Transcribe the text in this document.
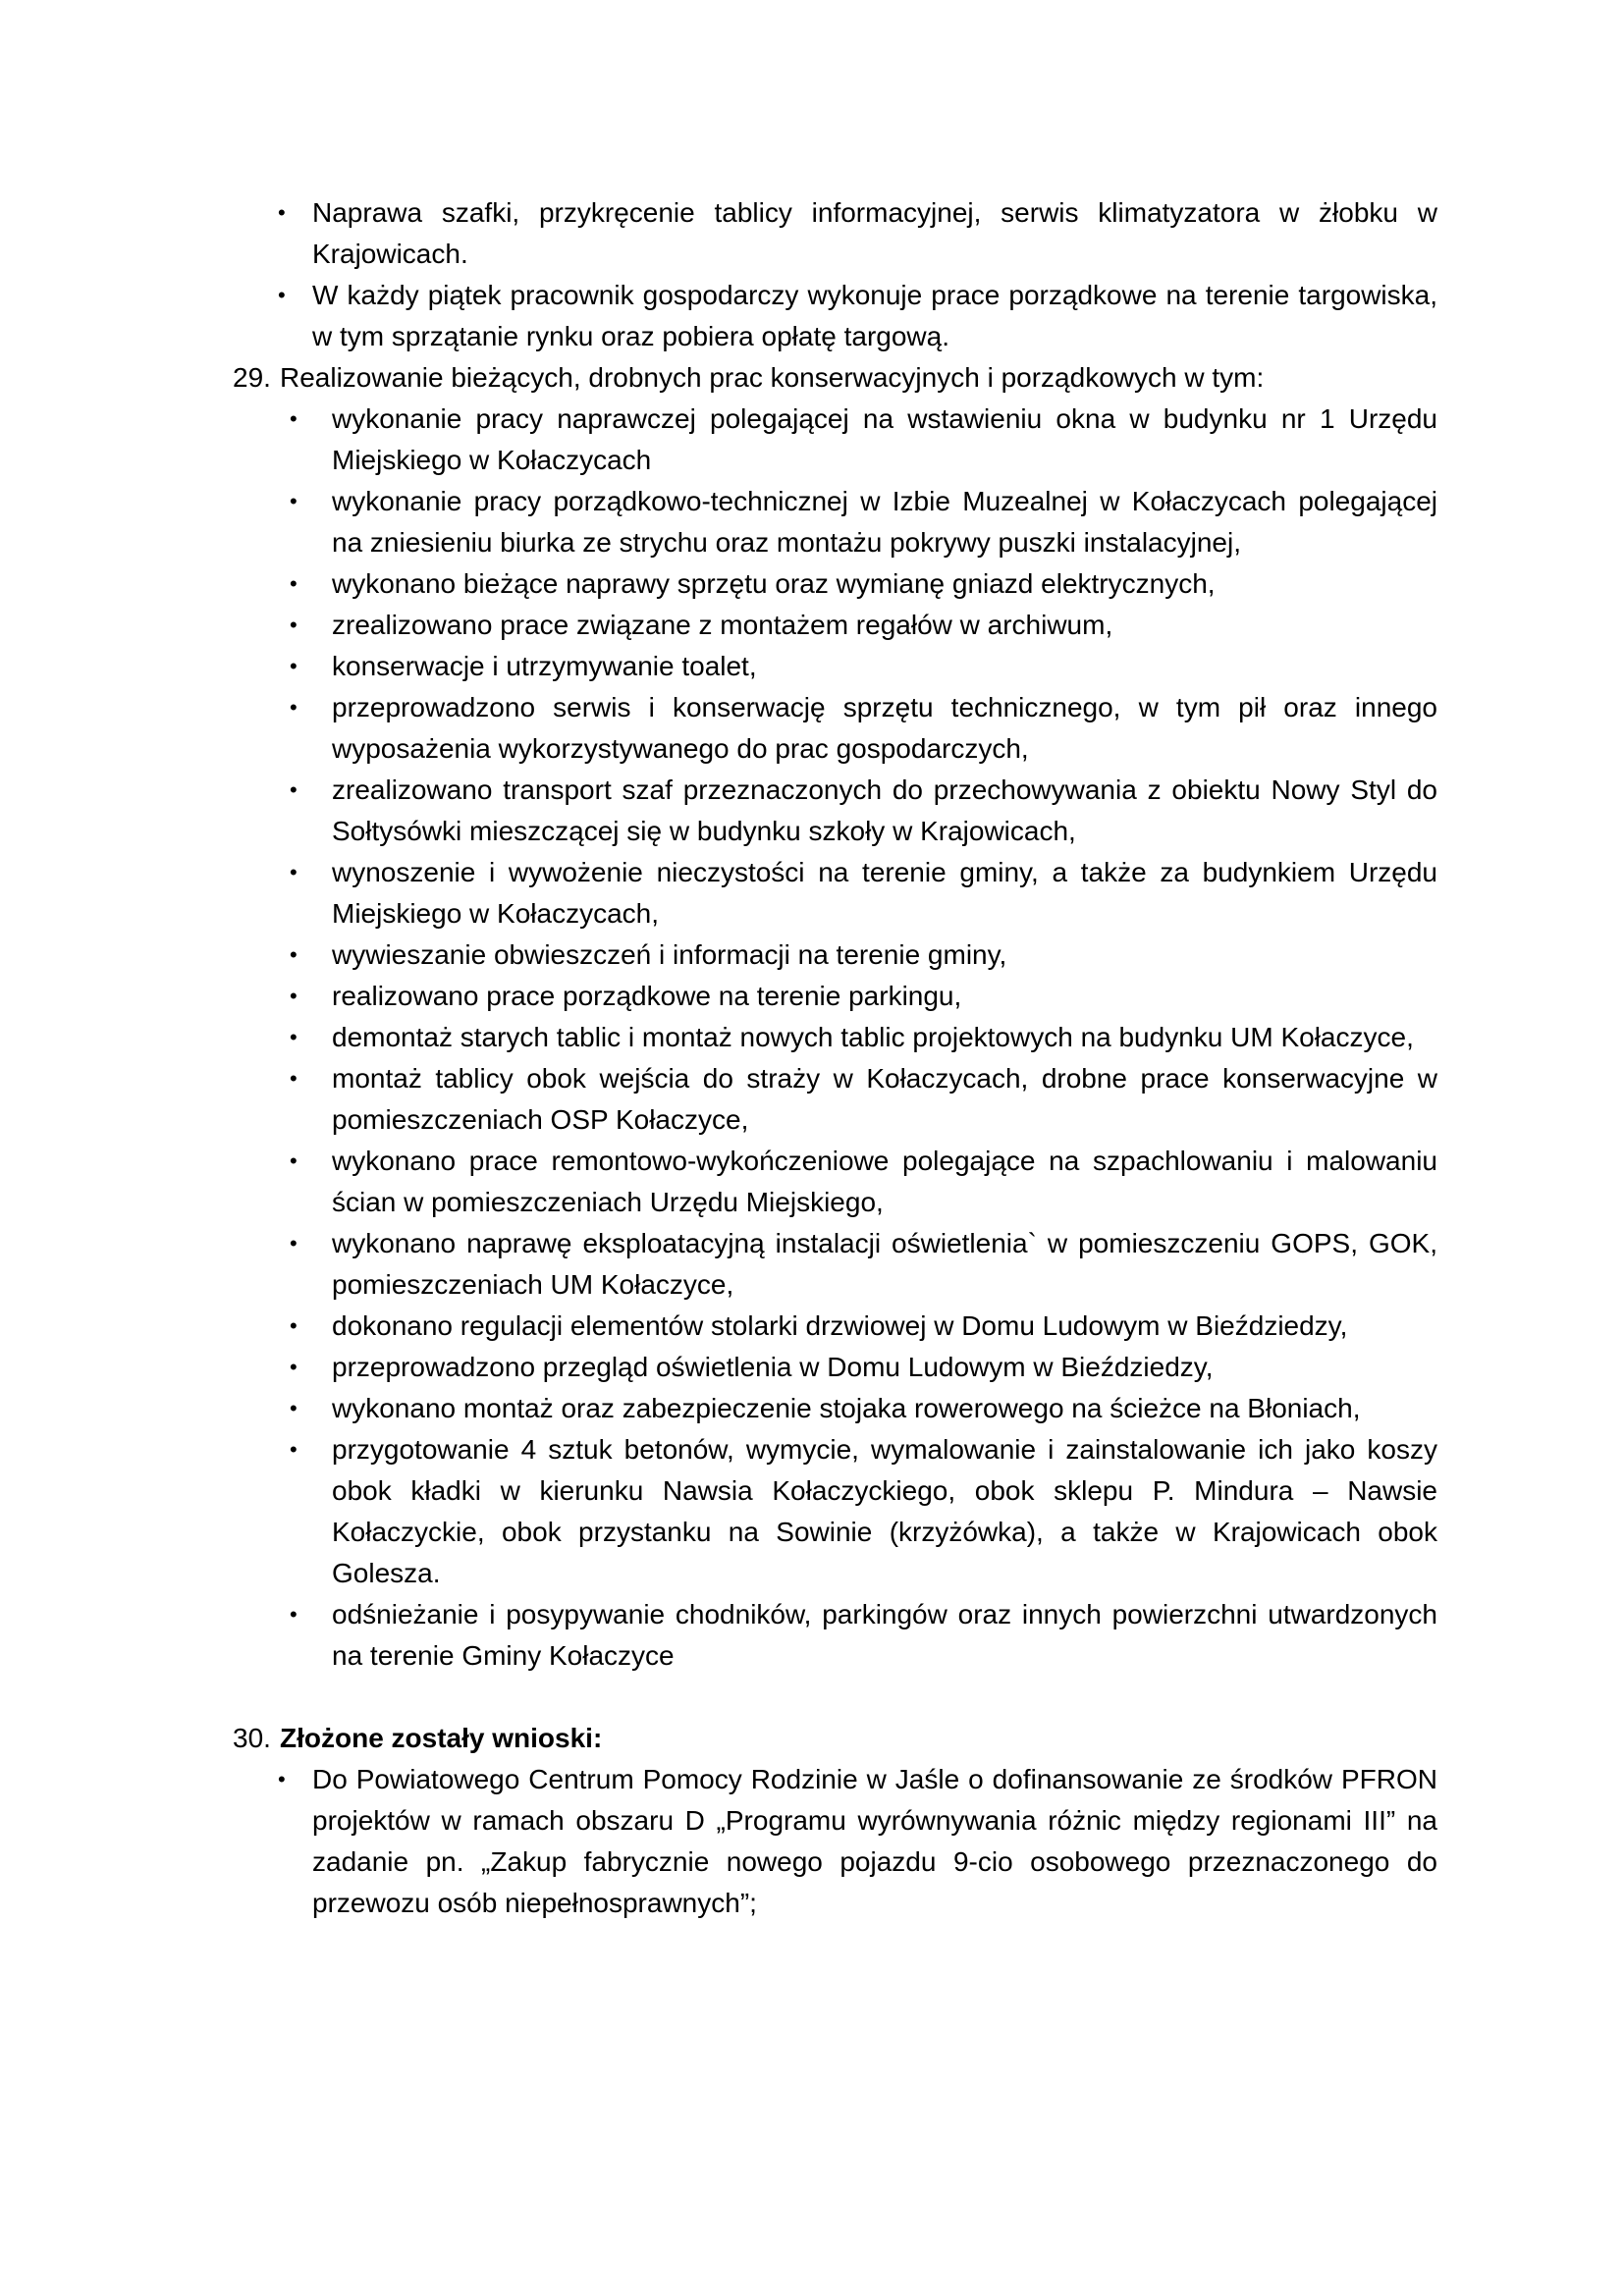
• Naprawa szafki, przykręcenie tablicy informacyjnej, serwis klimatyzatora w żłobku w Krajowicach.
• W każdy piątek pracownik gospodarczy wykonuje prace porządkowe na terenie targowiska, w tym sprzątanie rynku oraz pobiera opłatę targową.
29. Realizowanie bieżących, drobnych prac konserwacyjnych i porządkowych w tym:
• wykonanie pracy naprawczej polegającej na wstawieniu okna w budynku nr 1 Urzędu Miejskiego w Kołaczycach
• wykonanie pracy porządkowo-technicznej w Izbie Muzealnej w Kołaczycach polegającej na zniesieniu biurka ze strychu oraz montażu pokrywy puszki instalacyjnej,
• wykonano bieżące naprawy sprzętu oraz wymianę gniazd elektrycznych,
• zrealizowano prace związane z montażem regałów w archiwum,
• konserwacje i utrzymywanie toalet,
• przeprowadzono serwis i konserwację sprzętu technicznego, w tym pił oraz innego wyposażenia wykorzystywanego do prac gospodarczych,
• zrealizowano transport szaf przeznaczonych do przechowywania z obiektu Nowy Styl do Sołtysówki mieszczącej się w budynku szkoły w Krajowicach,
• wynoszenie i wywożenie nieczystości na terenie gminy, a także za budynkiem Urzędu Miejskiego w Kołaczycach,
• wywieszanie obwieszczeń i informacji na terenie gminy,
• realizowano prace porządkowe na terenie parkingu,
• demontaż starych tablic i montaż nowych tablic projektowych na budynku UM Kołaczyce,
• montaż tablicy obok wejścia do straży w Kołaczycach, drobne prace konserwacyjne w pomieszczeniach OSP Kołaczyce,
• wykonano prace remontowo-wykończeniowe polegające na szpachlowaniu i malowaniu ścian w pomieszczeniach Urzędu Miejskiego,
• wykonano naprawę eksploatacyjną instalacji oświetlenia` w pomieszczeniu GOPS, GOK, pomieszczeniach UM Kołaczyce,
• dokonano regulacji elementów stolarki drzwiowej w Domu Ludowym w Bieździedzy,
• przeprowadzono przegląd oświetlenia w Domu Ludowym w Bieździedzy,
• wykonano montaż oraz zabezpieczenie stojaka rowerowego na ścieżce na Błoniach,
• przygotowanie 4 sztuk betonów, wymycie, wymalowanie i zainstalowanie ich jako koszy obok kładki w kierunku Nawsia Kołaczyckiego, obok sklepu P. Mindura – Nawsie Kołaczyckie, obok przystanku na Sowinie (krzyżówka), a także w Krajowicach obok Golesza.
• odśnieżanie i posypywanie chodników, parkingów oraz innych powierzchni utwardzonych na terenie Gminy Kołaczyce
30. Złożone zostały wnioski:
• Do Powiatowego Centrum Pomocy Rodzinie w Jaśle o dofinansowanie ze środków PFRON projektów w ramach obszaru D „Programu wyrównywania różnic między regionami III” na zadanie pn. „Zakup fabrycznie nowego pojazdu 9-cio osobowego przeznaczonego do przewozu osób niepełnosprawnych”;
